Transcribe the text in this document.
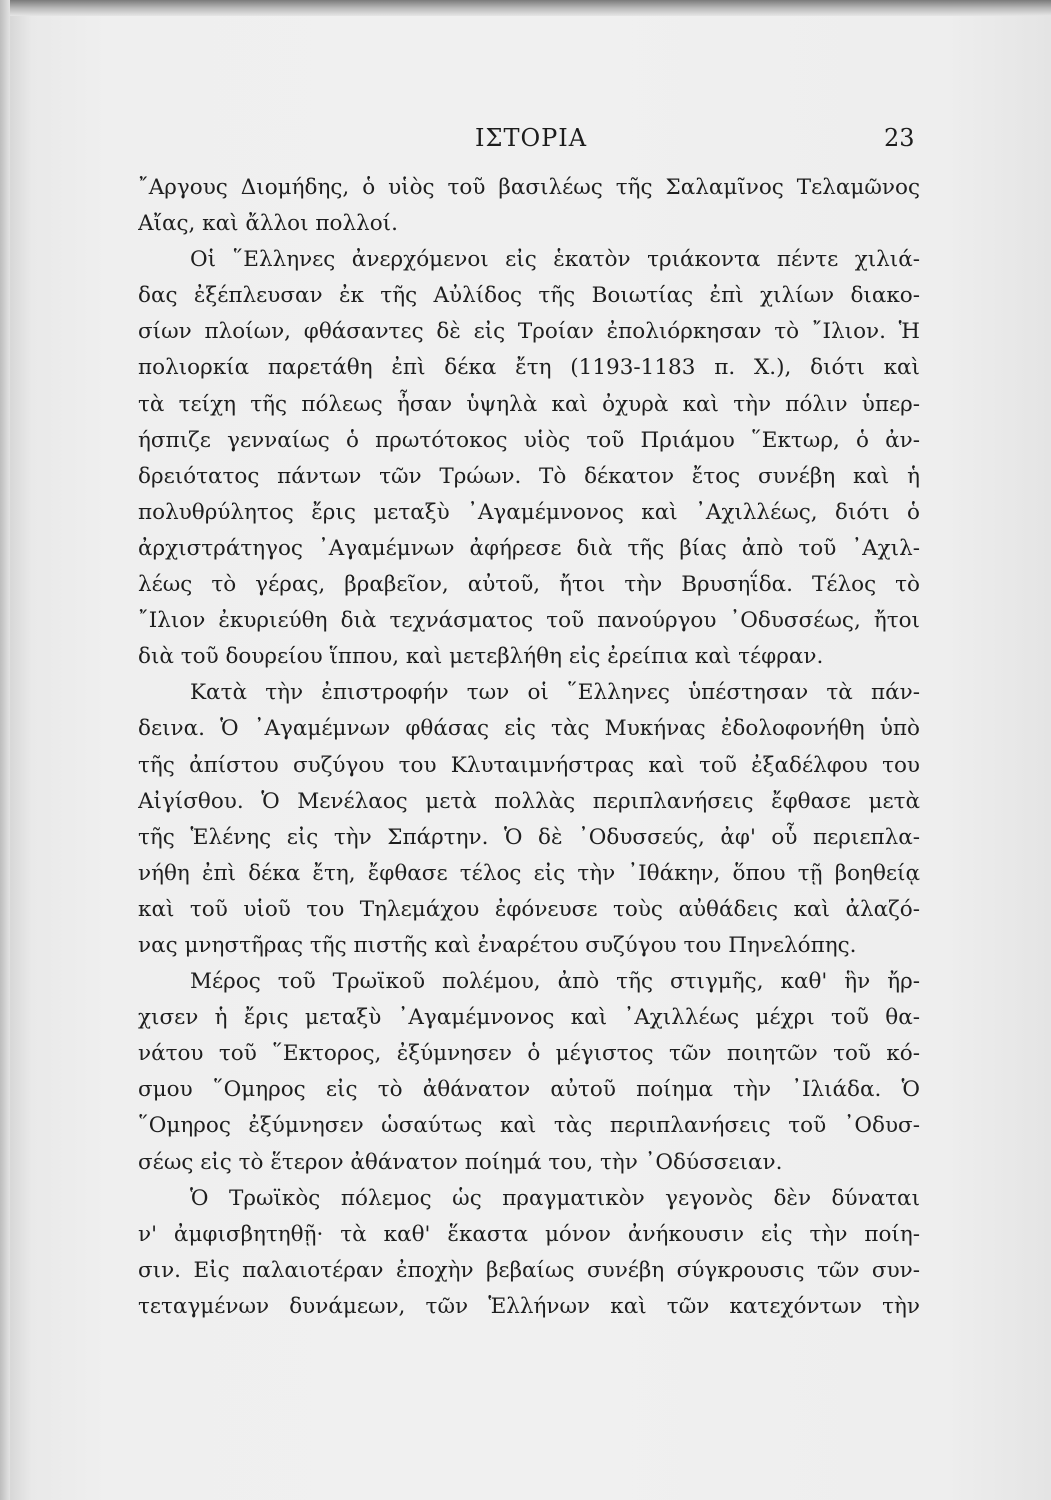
ΙΣΤΟΡΙΑ	23
῎Αργους Διομήδης, ὁ υἱὸς τοῦ βασιλέως τῆς Σαλαμῖνος Τελαμῶνος
Αἴας, καὶ ἄλλοι πολλοί.
Οἱ ῞Ελληνες ἀνερχόμενοι εἰς ἑκατὸν τριάκοντα πέντε χιλιά-
δας ἐξέπλευσαν ἐκ τῆς Αὐλίδος τῆς Βοιωτίας ἐπὶ χιλίων διακο-
σίων πλοίων, φθάσαντες δὲ εἰς Τροίαν ἐπολιόρκησαν τὸ ῎Ιλιον. Ἡ
πολιορκία παρετάθη ἐπὶ δέκα ἔτη (1193-1183 π. Χ.), διότι καὶ
τὰ τείχη τῆς πόλεως ἦσαν ὑψηλὰ καὶ ὀχυρὰ καὶ τὴν πόλιν ὑπερ-
ήσπιζε γενναίως ὁ πρωτότοκος υἱὸς τοῦ Πριάμου ῞Εκτωρ, ὁ ἀν-
δρειότατος πάντων τῶν Τρώων. Τὸ δέκατον ἔτος συνέβη καὶ ἡ
πολυθρύλητος ἔρις μεταξὺ ᾿Αγαμέμνονος καὶ ᾿Αχιλλέως, διότι ὁ
ἀρχιστράτηγος ᾿Αγαμέμνων ἀφήρεσε διὰ τῆς βίας ἀπὸ τοῦ ᾿Αχιλ-
λέως τὸ γέρας, βραβεῖον, αὐτοῦ, ἤτοι τὴν Βρυσηΐδα. Τέλος τὸ
῎Ιλιον ἐκυριεύθη διὰ τεχνάσματος τοῦ πανούργου ᾿Οδυσσέως, ἤτοι
διὰ τοῦ δουρείου ἵππου, καὶ μετεβλήθη εἰς ἐρείπια καὶ τέφραν.
Κατὰ τὴν ἐπιστροφήν των οἱ ῞Ελληνες ὑπέστησαν τὰ πάν-
δεινα. Ὁ ᾿Αγαμέμνων φθάσας εἰς τὰς Μυκήνας ἐδολοφονήθη ὑπὸ
τῆς ἀπίστου συζύγου του Κλυταιμνήστρας καὶ τοῦ ἐξαδέλφου του
Αἰγίσθου. Ὁ Μενέλαος μετὰ πολλὰς περιπλανήσεις ἔφθασε μετὰ
τῆς Ἑλένης εἰς τὴν Σπάρτην. Ὁ δὲ ᾿Οδυσσεύς, ἀφ' οὗ περιεπλα-
νήθη ἐπὶ δέκα ἔτη, ἔφθασε τέλος εἰς τὴν ᾿Ιθάκην, ὅπου τῇ βοηθείᾳ
καὶ τοῦ υἱοῦ του Τηλεμάχου ἐφόνευσε τοὺς αὐθάδεις καὶ ἀλαζό-
νας μνηστῆρας τῆς πιστῆς καὶ ἐναρέτου συζύγου του Πηνελόπης.
Μέρος τοῦ Τρωϊκοῦ πολέμου, ἀπὸ τῆς στιγμῆς, καθ' ἣν ἤρ-
χισεν ἡ ἔρις μεταξὺ ᾿Αγαμέμνονος καὶ ᾿Αχιλλέως μέχρι τοῦ θα-
νάτου τοῦ ῞Εκτορος, ἐξύμνησεν ὁ μέγιστος τῶν ποιητῶν τοῦ κό-
σμου ῞Ομηρος εἰς τὸ ἀθάνατον αὐτοῦ ποίημα τὴν ᾿Ιλιάδα. Ὁ
῞Ομηρος ἐξύμνησεν ὡσαύτως καὶ τὰς περιπλανήσεις τοῦ ᾿Οδυσ-
σέως εἰς τὸ ἕτερον ἀθάνατον ποίημά του, τὴν ᾿Οδύσσειαν.
Ὁ Τρωϊκὸς πόλεμος ὡς πραγματικὸν γεγονὸς δὲν δύναται
ν' ἀμφισβητηθῇ· τὰ καθ' ἕκαστα μόνον ἀνήκουσιν εἰς τὴν ποίη-
σιν. Εἰς παλαιοτέραν ἐποχὴν βεβαίως συνέβη σύγκρουσις τῶν συν-
τεταγμένων δυνάμεων, τῶν Ἑλλήνων καὶ τῶν κατεχόντων τὴν
